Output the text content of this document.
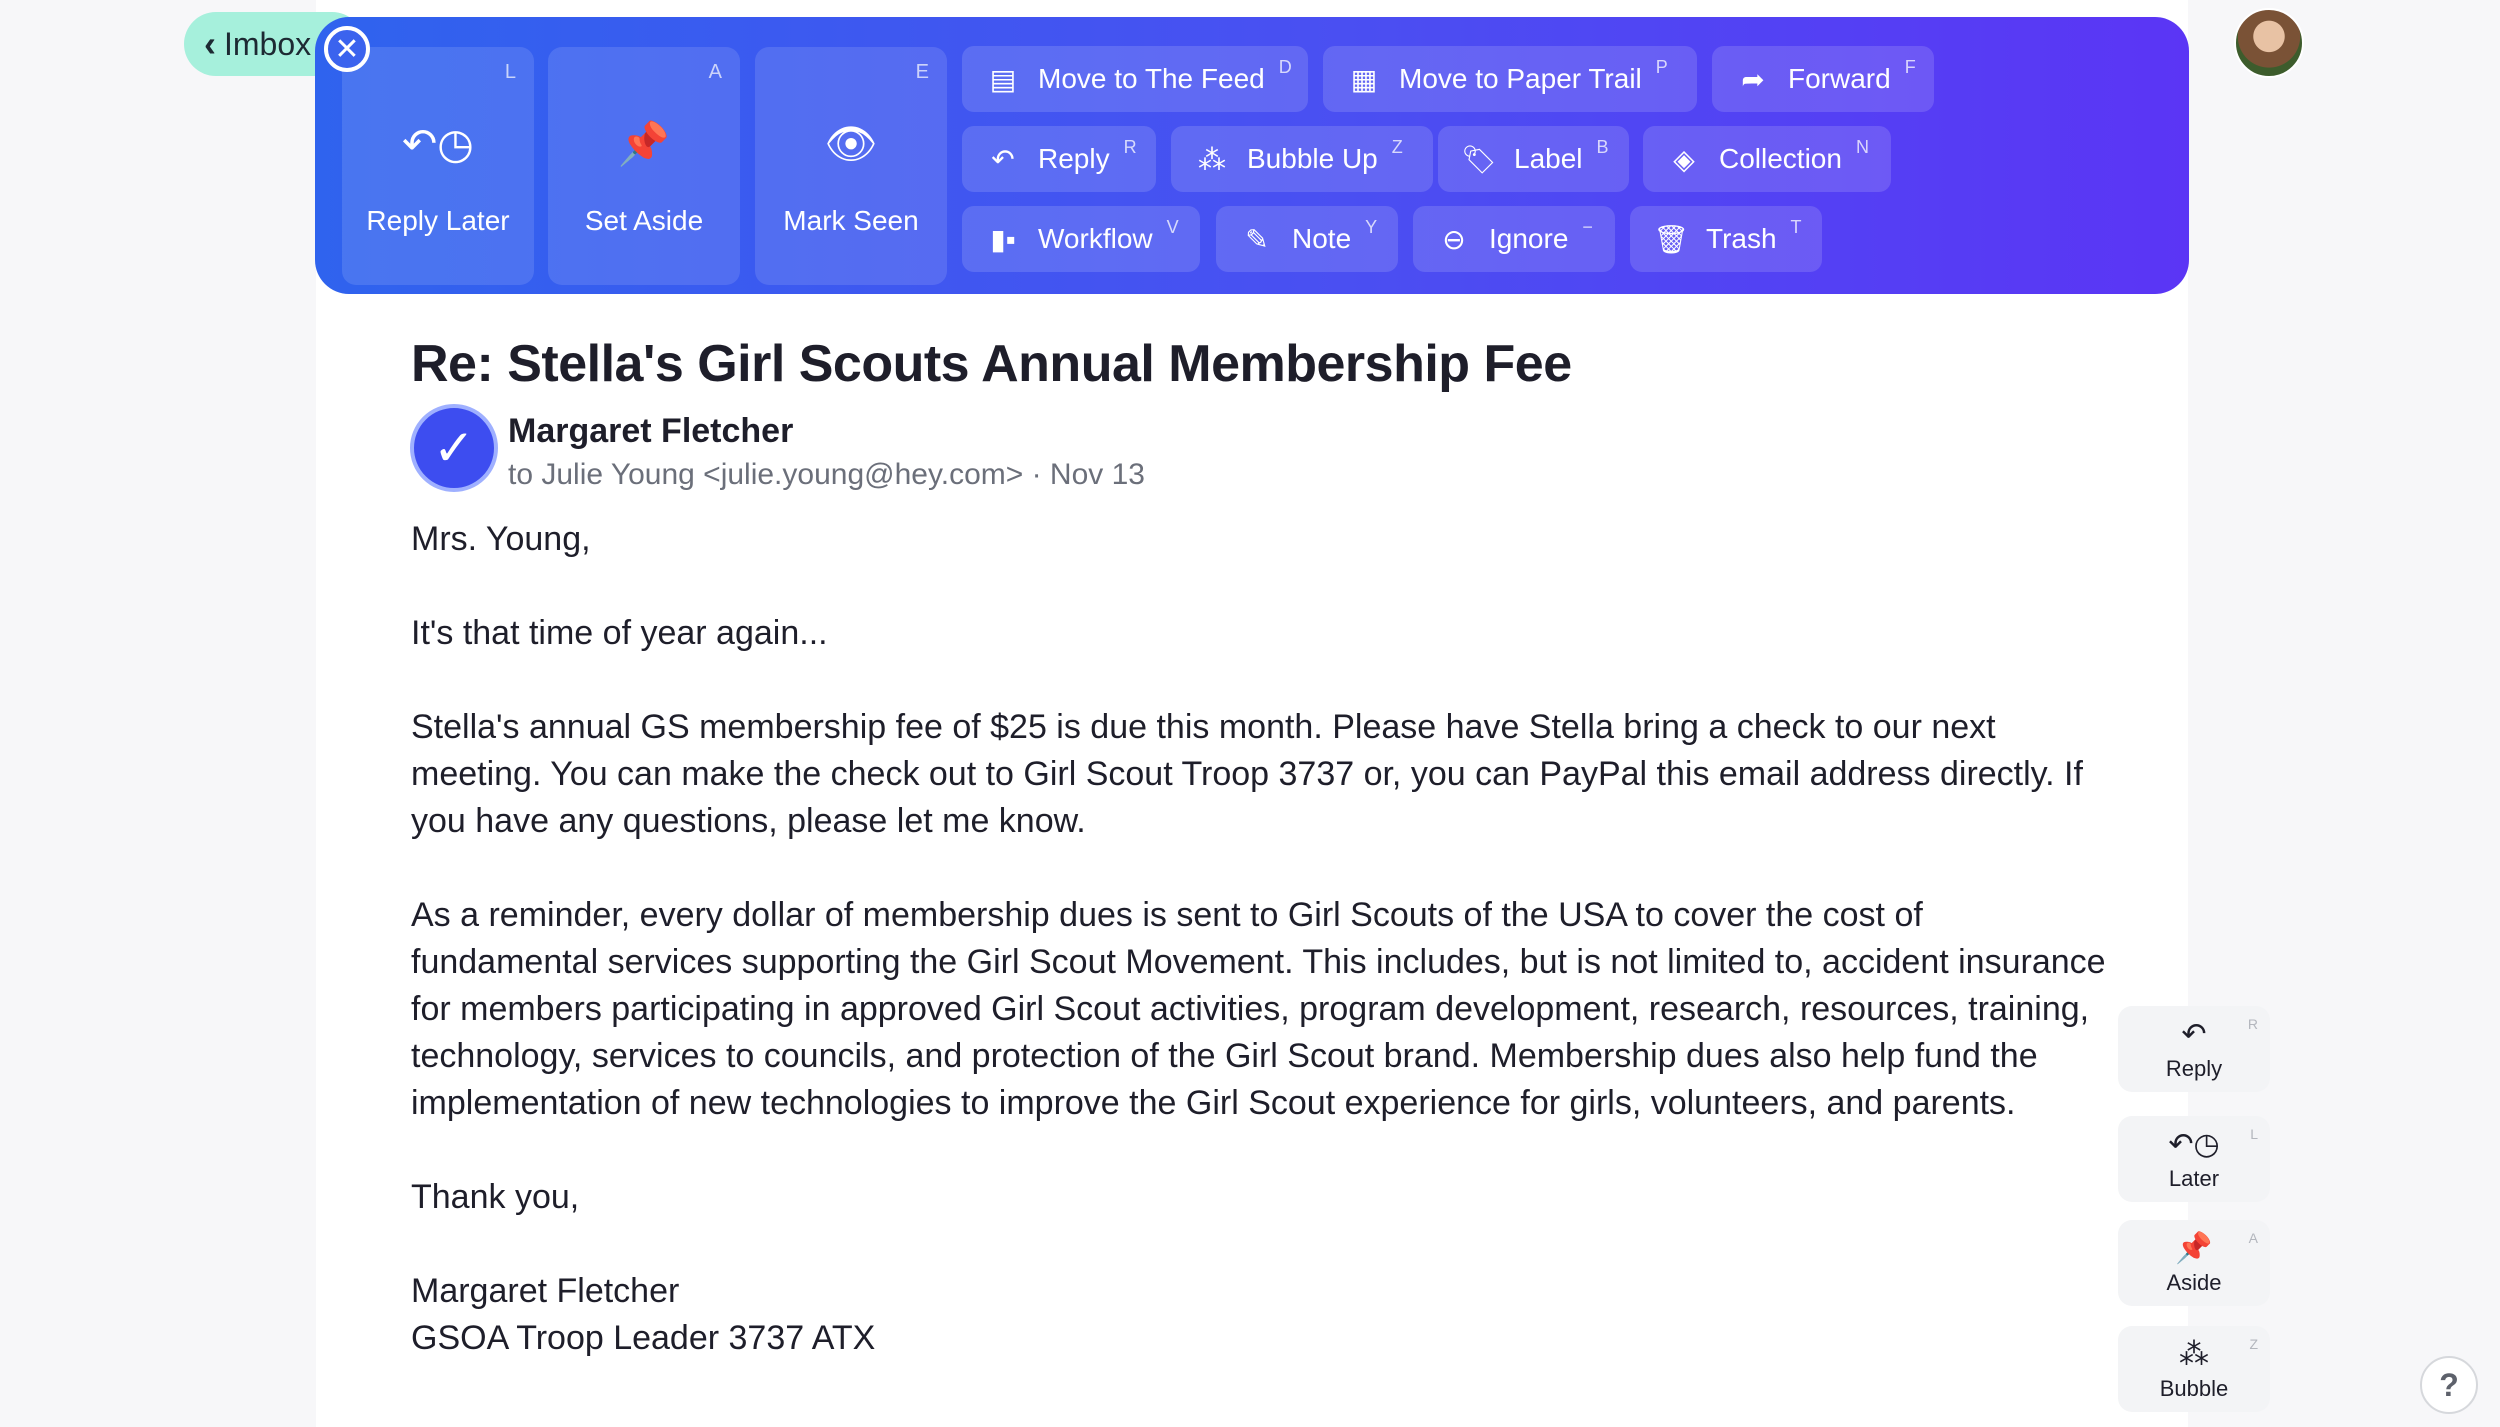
‹ Imbox ✕
L
↶◷
Reply Later
A
📌
Set Aside
E
👁
Mark Seen
▤ Move to The Feed D ▦ Move to Paper Trail P	➦ Forward F
↶ Reply R ⁂ Bubble Up Z 🏷 Label B ◈ Collection N
▮▪ Workflow V ✎ Note Y ⊖ Ignore − 🗑 Trash T
Re: Stella's Girl Scouts Annual Membership Fee
✓ Margaret Fletcher
to Julie Young <julie.young@hey.com> · Nov 13

Mrs. Young,

It's that time of year again...

Stella's annual GS membership fee of $25 is due this month. Please have Stella bring a check to our next meeting. You can make the check out to Girl Scout Troop 3737 or, you can PayPal this email address directly. If you have any questions, please let me know.

As a reminder, every dollar of membership dues is sent to Girl Scouts of the USA to cover the cost of fundamental services supporting the Girl Scout Movement. This includes, but is not limited to, accident insurance for members participating in approved Girl Scout activities, program development, research, resources, training, technology, services to councils, and protection of the Girl Scout brand. Membership dues also help fund the implementation of new technologies to improve the Girl Scout experience for girls, volunteers, and parents.

Thank you,

Margaret Fletcher

GSOA Troop Leader 3737 ATX

R
↶
Reply
L
↶◷
Later
A
📌
Aside
Z
⁂
Bubble	?
